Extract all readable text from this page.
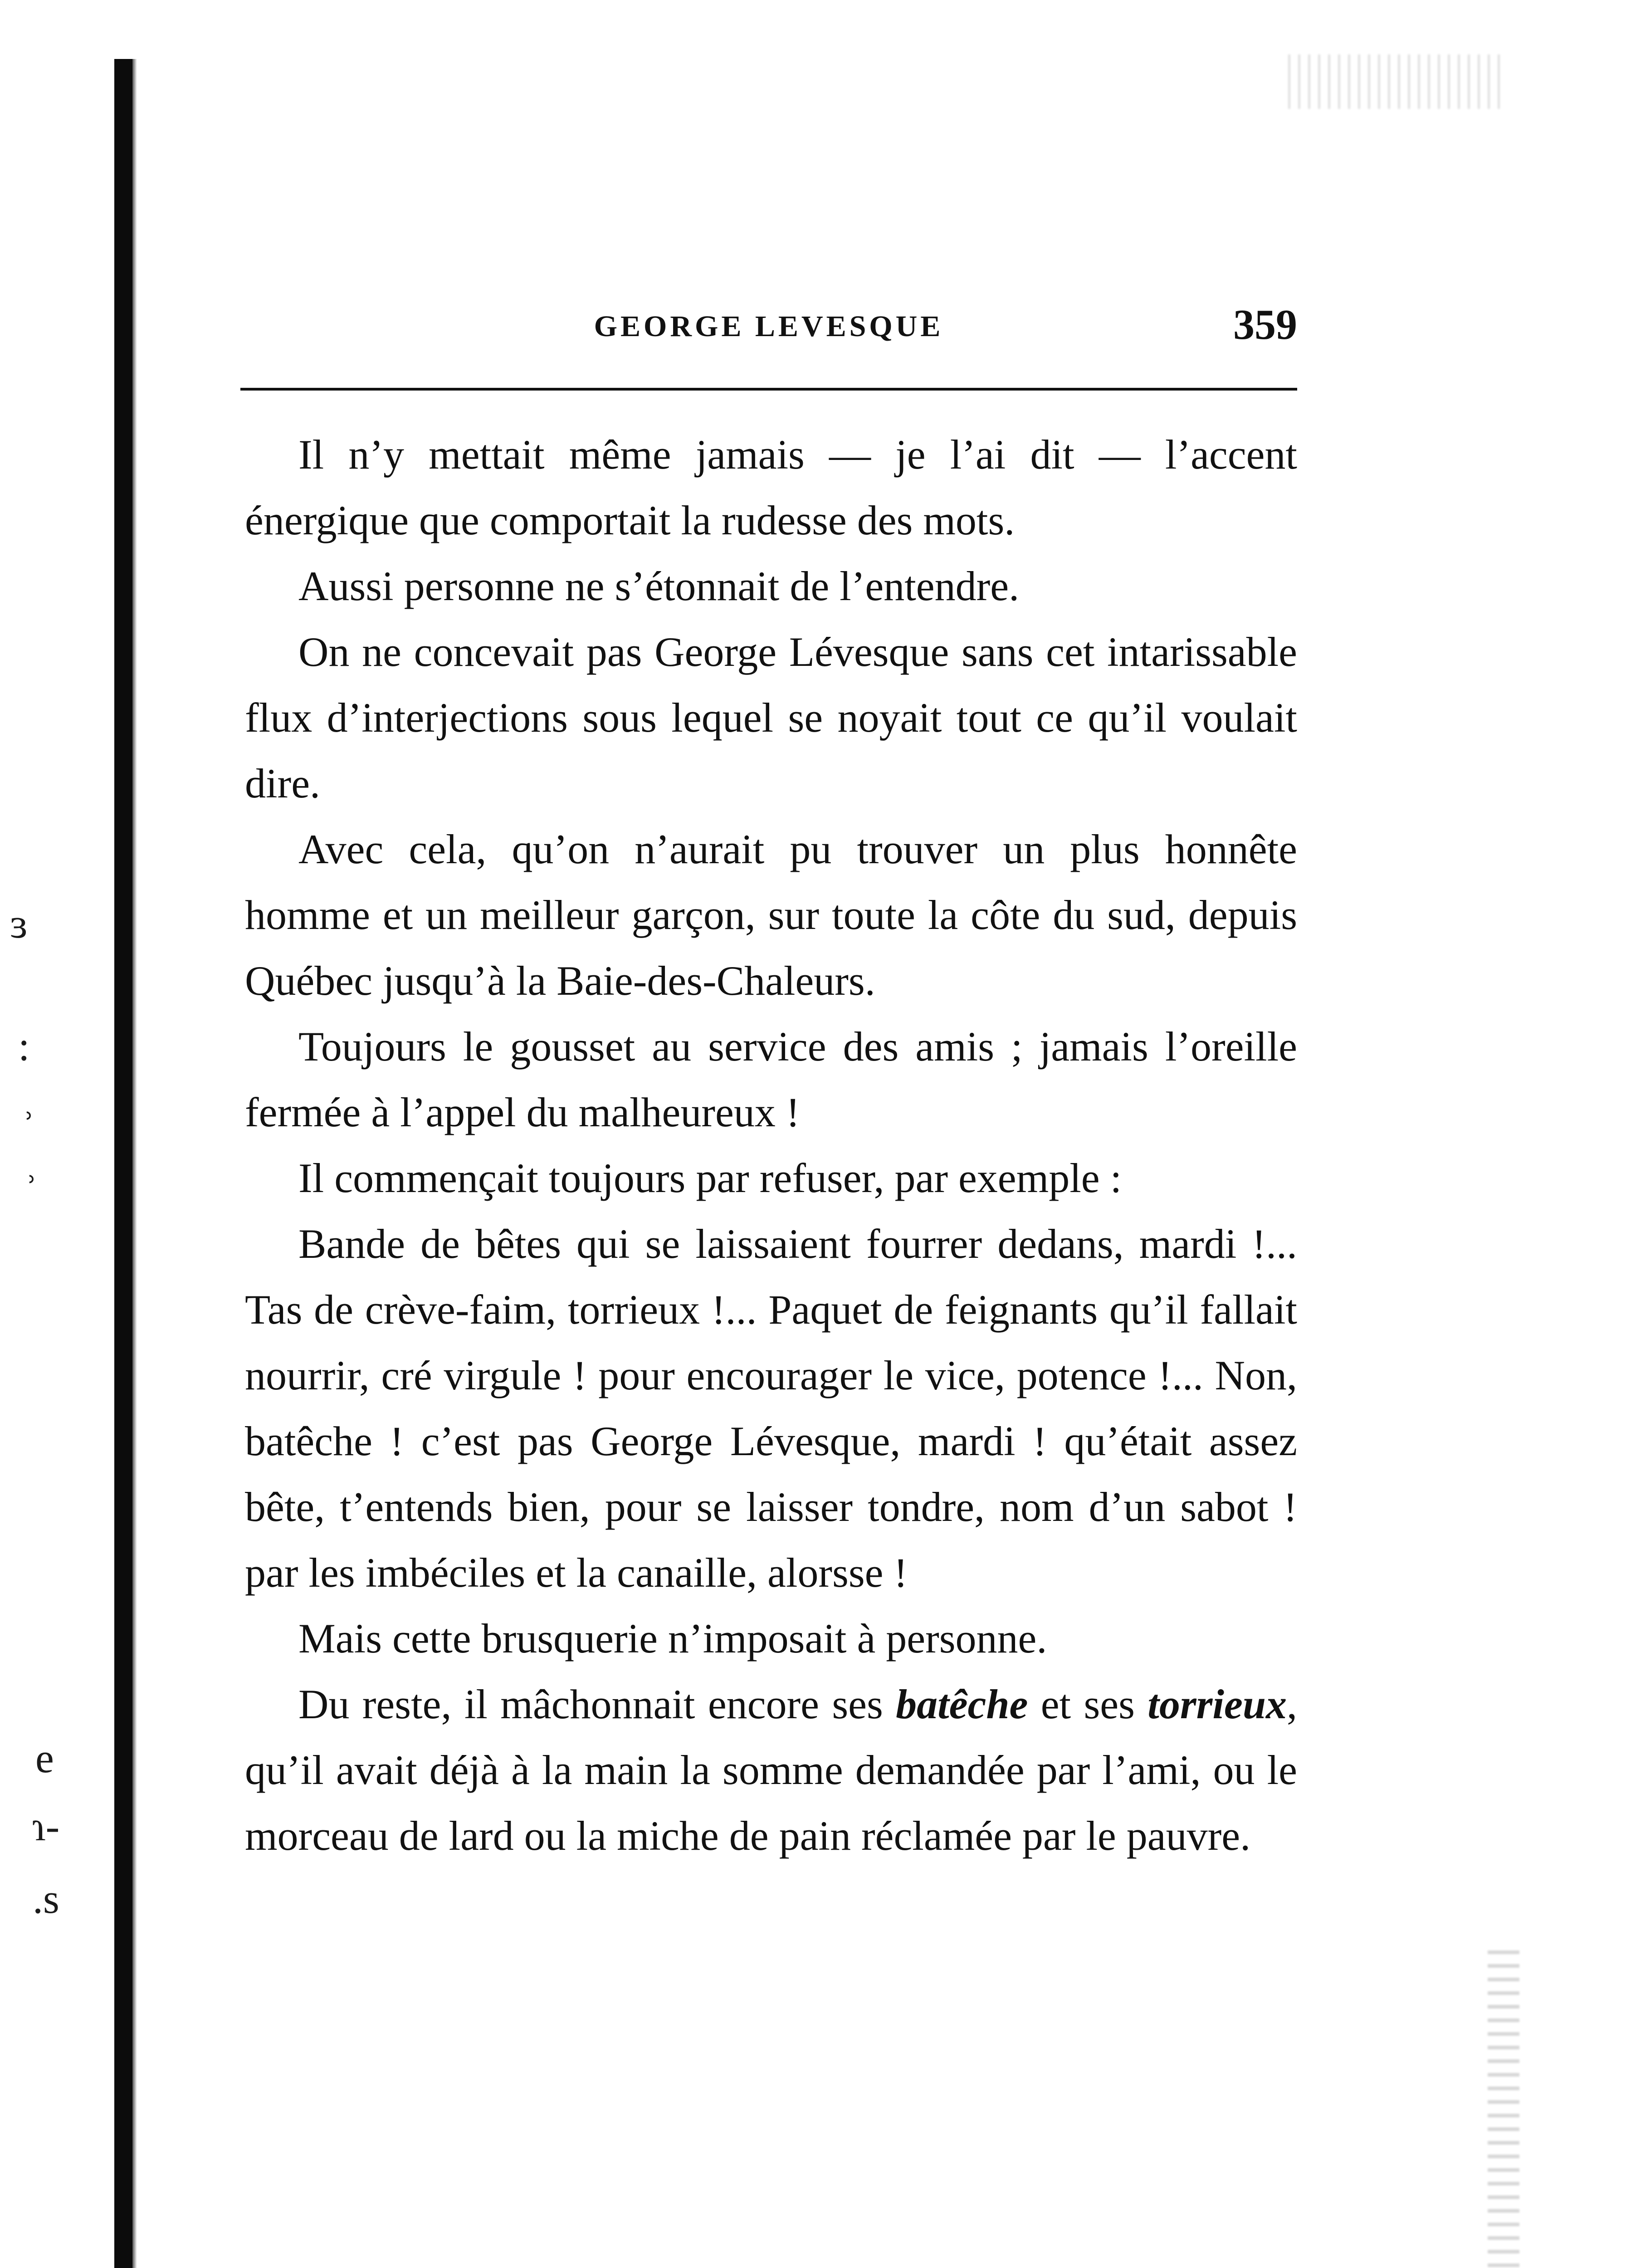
ɜ
:
ʾ
ʾ
e
ɿ-
.s
GEORGE LEVESQUE	359

Il n’y mettait même jamais — je l’ai dit — l’accent énergique que comportait la rudesse des mots.

Aussi personne ne s’étonnait de l’entendre.

On ne concevait pas George Lévesque sans cet intarissable flux d’interjections sous lequel se noyait tout ce qu’il voulait dire.

Avec cela, qu’on n’aurait pu trouver un plus honnête homme et un meilleur garçon, sur toute la côte du sud, depuis Québec jusqu’à la Baie-des-Chaleurs.

Toujours le gousset au service des amis ; jamais l’oreille fermée à l’appel du malheureux !

Il commençait toujours par refuser, par exemple :

Bande de bêtes qui se laissaient fourrer dedans, mardi !... Tas de crève-faim, torrieux !... Paquet de feignants qu’il fallait nourrir, cré virgule ! pour encourager le vice, potence !... Non, batêche ! c’est pas George Lévesque, mardi ! qu’était assez bête, t’entends bien, pour se laisser tondre, nom d’un sabot ! par les imbéciles et la canaille, alorsse !

Mais cette brusquerie n’imposait à personne.

Du reste, il mâchonnait encore ses batêche et ses torrieux, qu’il avait déjà à la main la somme demandée par l’ami, ou le morceau de lard ou la miche de pain réclamée par le pauvre.
